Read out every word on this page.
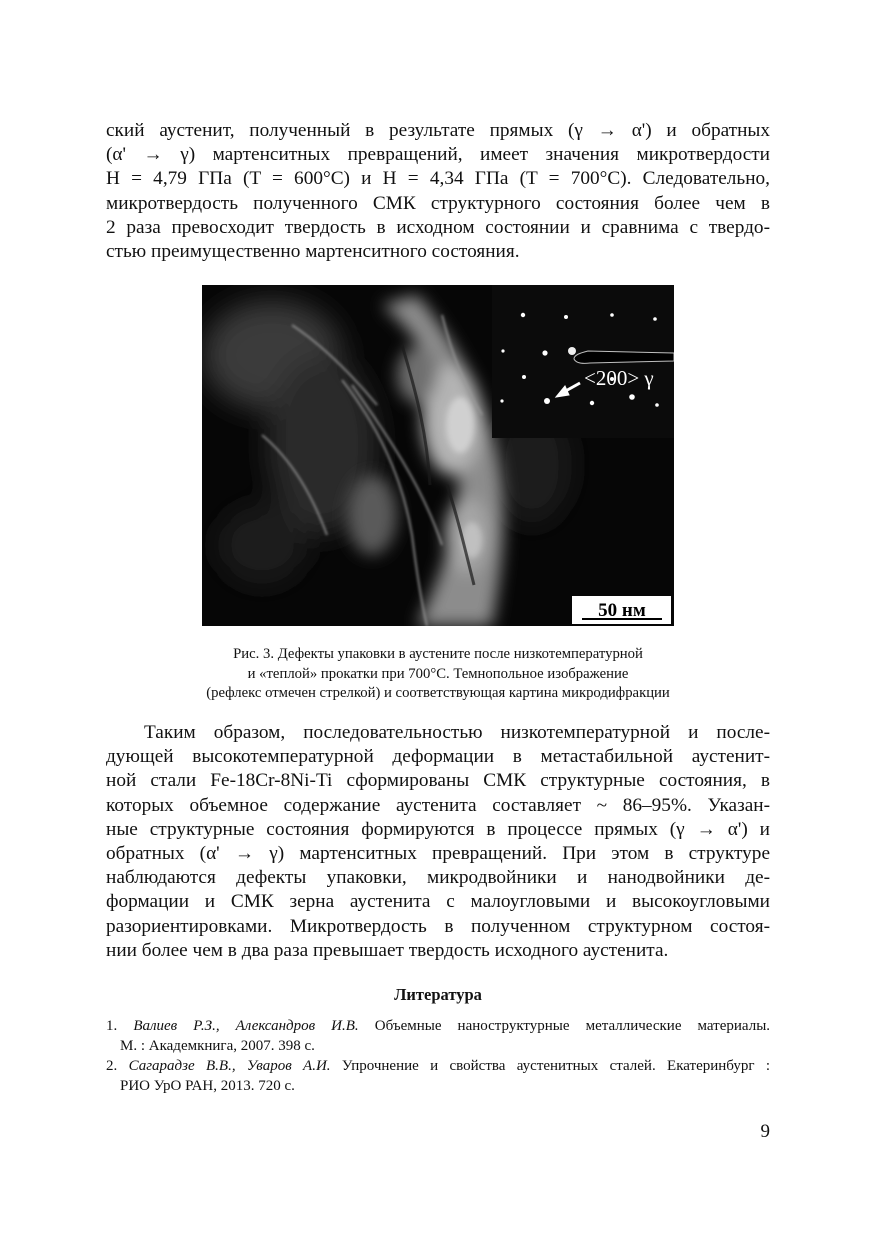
ский аустенит, полученный в результате прямых (γ → α') и обратных
(α' → γ) мартенситных превращений, имеет значения микротвердости
H = 4,79 ГПа (T = 600°C) и H = 4,34 ГПа (T = 700°C). Следовательно,
микротвердость полученного СМК структурного состояния более чем в
2 раза превосходит твердость в исходном состоянии и сравнима с твердо-
стью преимущественно мартенситного состояния.
<200> γ
50 нм
Рис. 3. Дефекты упаковки в аустените после низкотемпературной
и «теплой» прокатки при 700°C. Темнопольное изображение
(рефлекс отмечен стрелкой) и соответствующая картина микродифракции
Таким образом, последовательностью низкотемпературной и после-
дующей высокотемпературной деформации в метастабильной аустенит-
ной стали Fe-18Cr-8Ni-Ti сформированы СМК структурные состояния, в
которых объемное содержание аустенита составляет ~ 86–95%. Указан-
ные структурные состояния формируются в процессе прямых (γ → α') и
обратных (α' → γ) мартенситных превращений. При этом в структуре
наблюдаются дефекты упаковки, микродвойники и нанодвойники де-
формации и СМК зерна аустенита с малоугловыми и высокоугловыми
разориентировками. Микротвердость в полученном структурном состоя-
нии более чем в два раза превышает твердость исходного аустенита.
Литература
1. Валиев Р.З., Александров И.В. Объемные наноструктурные металлические материалы.
М. : Академкнига, 2007. 398 с.
2. Сагарадзе В.В., Уваров А.И. Упрочнение и свойства аустенитных сталей. Екатеринбург :
РИО УрО РАН, 2013. 720 с.
9
